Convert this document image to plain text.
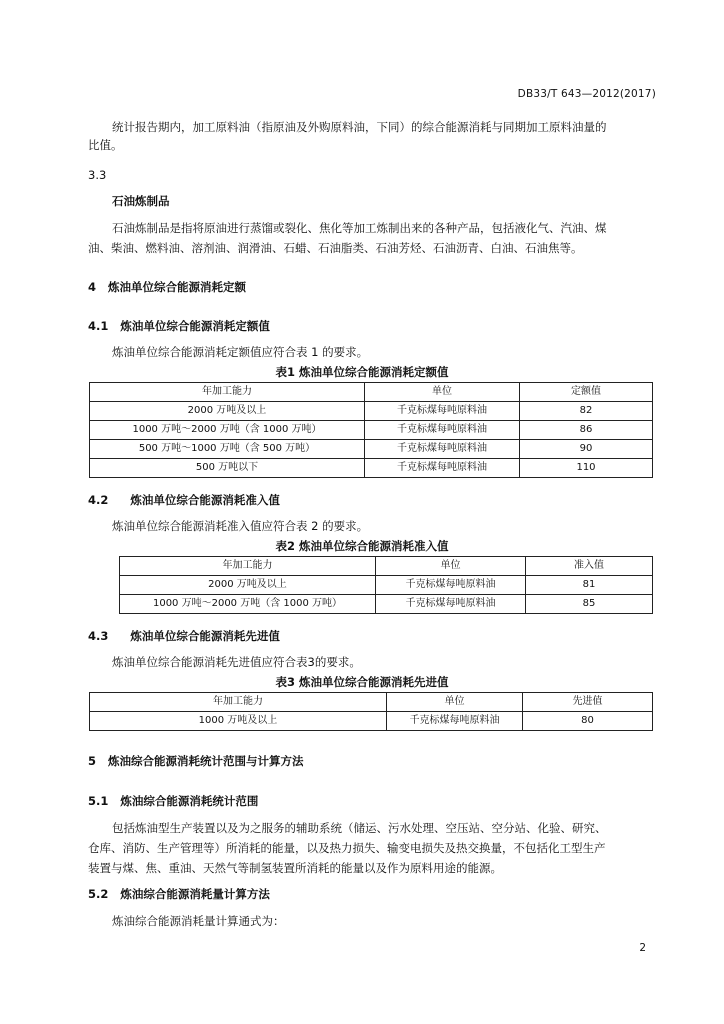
DB33/T 643—2012(2017)
统计报告期内，加工原料油（指原油及外购原料油，下同）的综合能源消耗与同期加工原料油量的
比值。
3.3
石油炼制品
石油炼制品是指将原油进行蒸馏或裂化、焦化等加工炼制出来的各种产品，包括液化气、汽油、煤
油、柴油、燃料油、溶剂油、润滑油、石蜡、石油脂类、石油芳烃、石油沥青、白油、石油焦等。
4 炼油单位综合能源消耗定额
4.1 炼油单位综合能源消耗定额值
炼油单位综合能源消耗定额值应符合表 1 的要求。
表1 炼油单位综合能源消耗定额值
年加工能力	单位	定额值
2000 万吨及以上	千克标煤每吨原料油	82
1000 万吨～2000 万吨（含 1000 万吨）	千克标煤每吨原料油	86
500 万吨～1000 万吨（含 500 万吨）	千克标煤每吨原料油	90
500 万吨以下	千克标煤每吨原料油	110
4.2 炼油单位综合能源消耗准入值
炼油单位综合能源消耗准入值应符合表 2 的要求。
表2 炼油单位综合能源消耗准入值
年加工能力	单位	准入值
2000 万吨及以上	千克标煤每吨原料油	81
1000 万吨～2000 万吨（含 1000 万吨）	千克标煤每吨原料油	85
4.3 炼油单位综合能源消耗先进值
炼油单位综合能源消耗先进值应符合表3的要求。
表3 炼油单位综合能源消耗先进值
年加工能力	单位	先进值
1000 万吨及以上	千克标煤每吨原料油	80
5 炼油综合能源消耗统计范围与计算方法
5.1 炼油综合能源消耗统计范围
包括炼油型生产装置以及为之服务的辅助系统（储运、污水处理、空压站、空分站、化验、研究、
仓库、消防、生产管理等）所消耗的能量，以及热力损失、输变电损失及热交换量，不包括化工型生产
装置与煤、焦、重油、天然气等制氢装置所消耗的能量以及作为原料用途的能源。
5.2 炼油综合能源消耗量计算方法
炼油综合能源消耗量计算通式为：
2
